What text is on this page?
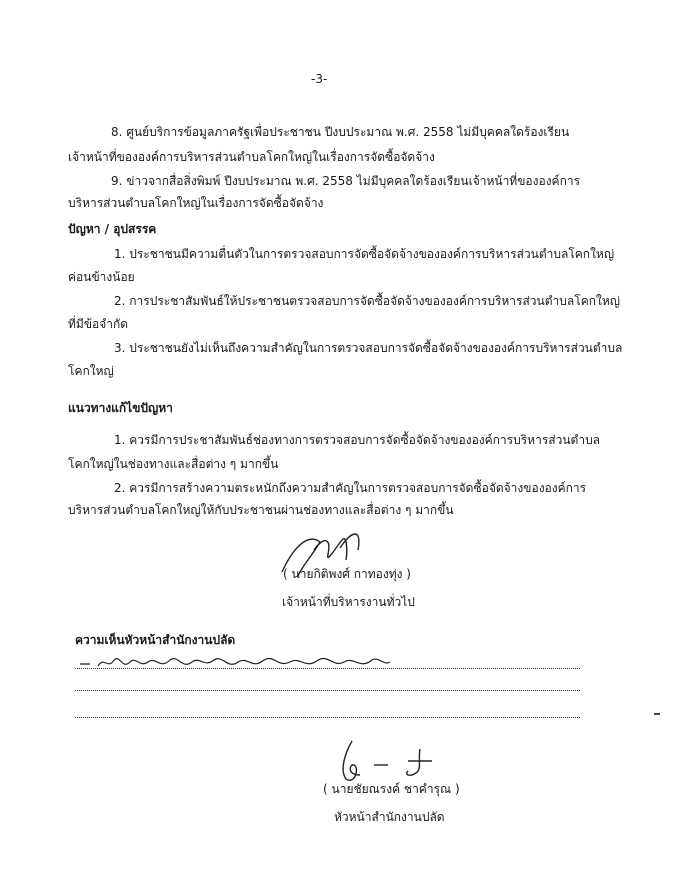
-3-
8. ศูนย์บริการข้อมูลภาครัฐเพื่อประชาชน ปีงบประมาณ พ.ศ. 2558 ไม่มีบุคคลใดร้องเรียน
เจ้าหน้าที่ขององค์การบริหารส่วนตำบลโคกใหญ่ในเรื่องการจัดซื้อจัดจ้าง
9. ข่าวจากสื่อสิ่งพิมพ์ ปีงบประมาณ พ.ศ. 2558 ไม่มีบุคคลใดร้องเรียนเจ้าหน้าที่ขององค์การ
บริหารส่วนตำบลโคกใหญ่ในเรื่องการจัดซื้อจัดจ้าง
ปัญหา / อุปสรรค
1. ประชาชนมีความตื่นตัวในการตรวจสอบการจัดซื้อจัดจ้างขององค์การบริหารส่วนตำบลโคกใหญ่
ค่อนข้างน้อย
2. การประชาสัมพันธ์ให้ประชาชนตรวจสอบการจัดซื้อจัดจ้างขององค์การบริหารส่วนตำบลโคกใหญ่
ที่มีข้อจำกัด
3. ประชาชนยังไม่เห็นถึงความสำคัญในการตรวจสอบการจัดซื้อจัดจ้างขององค์การบริหารส่วนตำบล
โคกใหญ่
แนวทางแก้ไขปัญหา
1. ควรมีการประชาสัมพันธ์ช่องทางการตรวจสอบการจัดซื้อจัดจ้างขององค์การบริหารส่วนตำบล
โคกใหญ่ในช่องทางและสื่อต่าง ๆ มากขึ้น
2. ควรมีการสร้างความตระหนักถึงความสำคัญในการตรวจสอบการจัดซื้อจัดจ้างขององค์การ
บริหารส่วนตำบลโคกใหญ่ให้กับประชาชนผ่านช่องทางและสื่อต่าง ๆ มากขึ้น
( นายกิติพงศ์ กาทองทุ่ง )
เจ้าหน้าที่บริหารงานทั่วไป
ความเห็นหัวหน้าสำนักงานปลัด
( นายชัยณรงค์ ชาคำรุณ )
หัวหน้าสำนักงานปลัด
